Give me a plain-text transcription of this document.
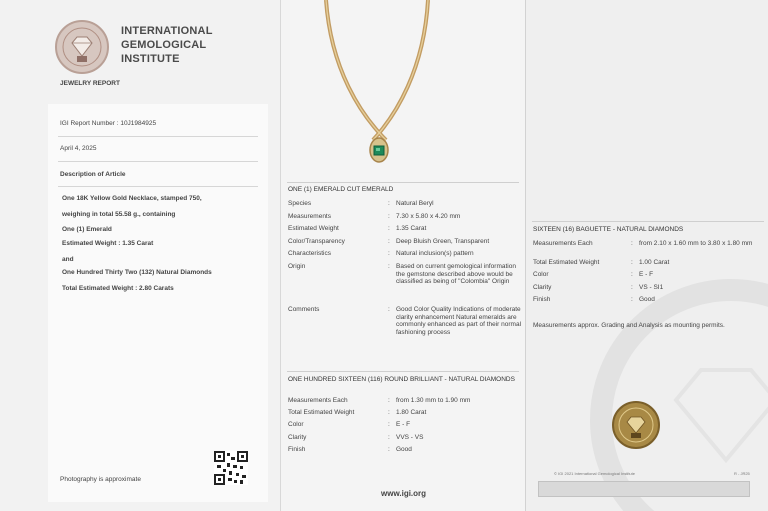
INTERNATIONAL GEMOLOGICAL INSTITUTE
JEWELRY REPORT
IGI Report Number : 10J1984925
April 4, 2025
Description of Article
One 18K Yellow Gold Necklace, stamped 750,
weighing in total 55.58 g., containing
One (1) Emerald
Estimated Weight : 1.35 Carat
and
One Hundred Thirty Two (132) Natural Diamonds
Total Estimated Weight : 2.80 Carats
Photography is approximate
ONE (1) EMERALD CUT EMERALD
Species	: Natural Beryl
Measurements	: 7.30 x 5.80 x 4.20 mm
Estimated Weight	: 1.35 Carat
Color/Transparency	: Deep Bluish Green, Transparent
Characteristics	: Natural inclusion(s) pattern
Origin	: Based on current gemological information the gemstone described above would be classified as being of "Colombia" Origin
Comments	: Good Color Quality Indications of moderate clarity enhancement Natural emeralds are commonly enhanced as part of their normal fashioning process
ONE HUNDRED SIXTEEN (116) ROUND BRILLIANT - NATURAL DIAMONDS
Measurements Each	: from 1.30 mm to 1.90 mm
Total Estimated Weight	: 1.80 Carat
Color	: E - F
Clarity	: VVS - VS
Finish	: Good
www.igi.org
SIXTEEN (16) BAGUETTE - NATURAL DIAMONDS
Measurements Each	: from 2.10 x 1.60 mm to 3.80 x 1.80 mm
Total Estimated Weight	: 1.00 Carat
Color	: E - F
Clarity	: VS - SI1
Finish	: Good
Measurements approx. Grading and Analysis as mounting permits.
© IGI 2021 International Gemological Institute	R - JR25
